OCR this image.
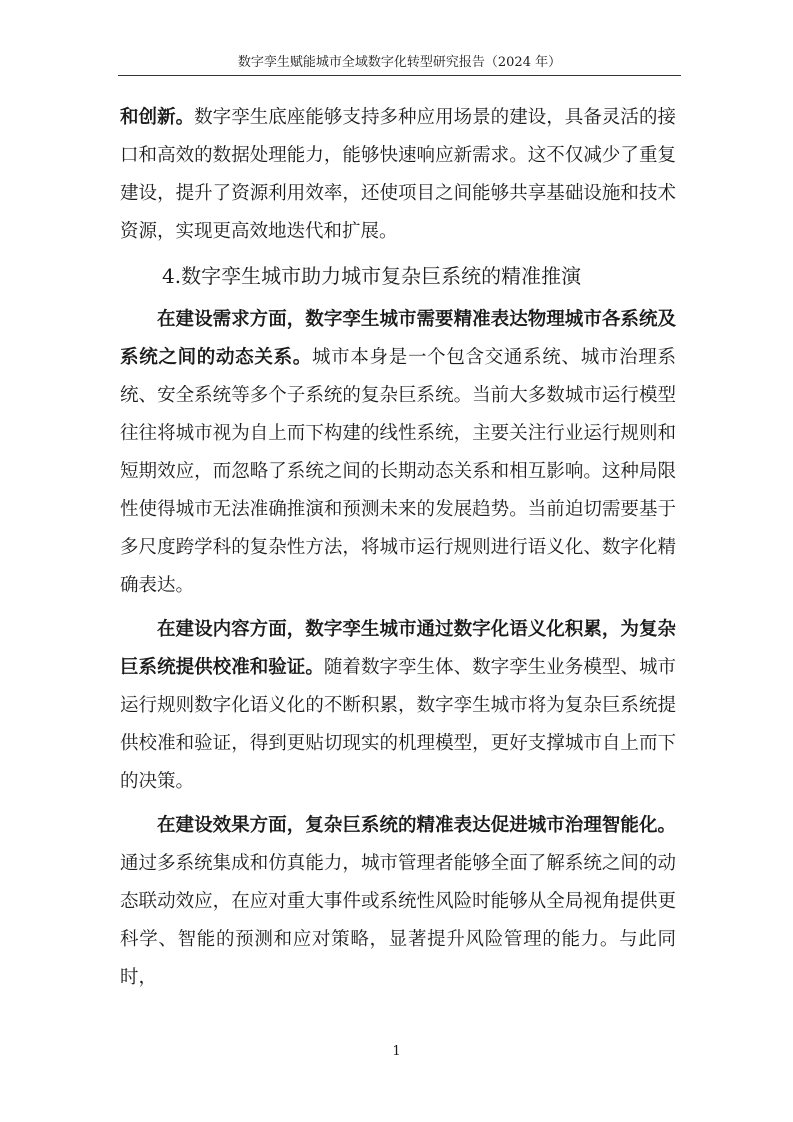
数字孪生赋能城市全域数字化转型研究报告（2024 年）

和创新。数字孪生底座能够支持多种应用场景的建设，具备灵活的接口和高效的数据处理能力，能够快速响应新需求。这不仅减少了重复建设，提升了资源利用效率，还使项目之间能够共享基础设施和技术资源，实现更高效地迭代和扩展。

4.数字孪生城市助力城市复杂巨系统的精准推演

在建设需求方面，数字孪生城市需要精准表达物理城市各系统及系统之间的动态关系。城市本身是一个包含交通系统、城市治理系统、安全系统等多个子系统的复杂巨系统。当前大多数城市运行模型往往将城市视为自上而下构建的线性系统，主要关注行业运行规则和短期效应，而忽略了系统之间的长期动态关系和相互影响。这种局限性使得城市无法准确推演和预测未来的发展趋势。当前迫切需要基于多尺度跨学科的复杂性方法，将城市运行规则进行语义化、数字化精确表达。

在建设内容方面，数字孪生城市通过数字化语义化积累，为复杂巨系统提供校准和验证。随着数字孪生体、数字孪生业务模型、城市运行规则数字化语义化的不断积累，数字孪生城市将为复杂巨系统提供校准和验证，得到更贴切现实的机理模型，更好支撑城市自上而下的决策。

在建设效果方面，复杂巨系统的精准表达促进城市治理智能化。通过多系统集成和仿真能力，城市管理者能够全面了解系统之间的动态联动效应，在应对重大事件或系统性风险时能够从全局视角提供更科学、智能的预测和应对策略，显著提升风险管理的能力。与此同时，

1
